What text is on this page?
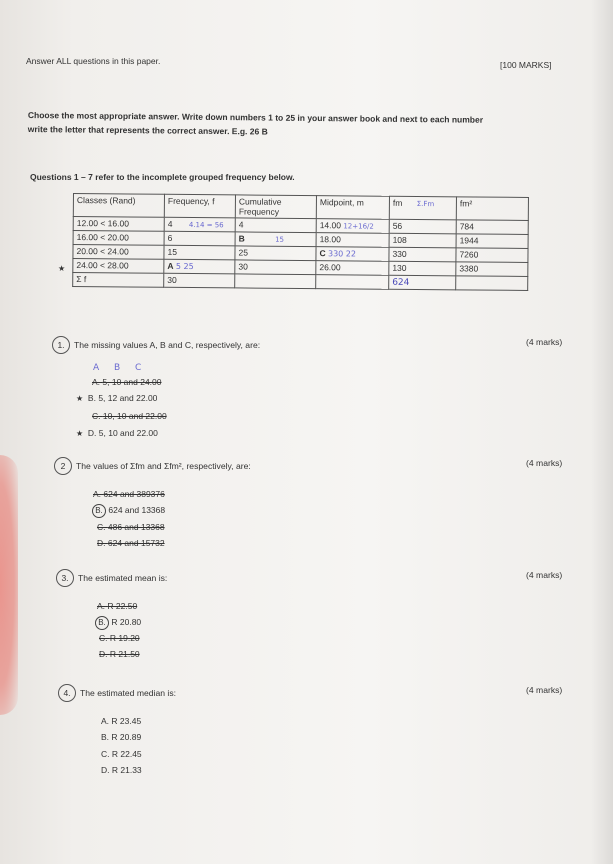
Answer ALL questions in this paper.	[100 MARKS]
Choose the most appropriate answer. Write down numbers 1 to 25 in your answer book and next to each number
write the letter that represents the correct answer. E.g. 26 B
Questions 1 – 7 refer to the incomplete grouped frequency below.
Classes (Rand)	Frequency, f	Cumulative Frequency	Midpoint, m	fm Σ.Fm	fm²
12.00 < 16.00	4 4.14 = 56	4	14.00 12+16/2	56	784
16.00 < 20.00	6	B 15	18.00	108	1944
20.00 < 24.00	15	25	C 330 22	330	7260
24.00 < 28.00	A 5 25	30	26.00	130	3380
Σ f	30			624	
★
1. The missing values A, B and C, respectively, are:	(4 marks)
A B C
A. 5, 10 and 24.00
★ B. 5, 12 and 22.00
C. 10, 10 and 22.00
★ D. 5, 10 and 22.00
2 The values of Σfm and Σfm², respectively, are:	(4 marks)
A. 624 and 389376
B. 624 and 13368
C. 486 and 13368
D. 624 and 15732
3. The estimated mean is:	(4 marks)
A. R 22.50
B. R 20.80
C. R 19.20
D. R 21.50
4. The estimated median is:	(4 marks)
A. R 23.45
B. R 20.89
C. R 22.45
D. R 21.33
